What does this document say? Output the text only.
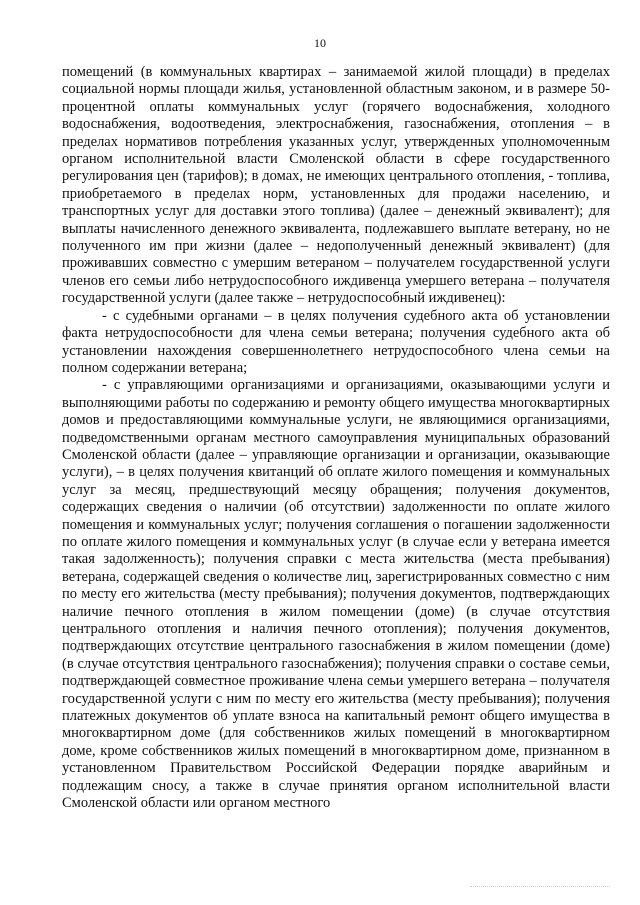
10

помещений (в коммунальных квартирах – занимаемой жилой площади) в пределах социальной нормы площади жилья, установленной областным законом, и в размере 50-процентной оплаты коммунальных услуг (горячего водоснабжения, холодного водоснабжения, водоотведения, электроснабжения, газоснабжения, отопления – в пределах нормативов потребления указанных услуг, утвержденных уполномоченным органом исполнительной власти Смоленской области в сфере государственного регулирования цен (тарифов); в домах, не имеющих центрального отопления, - топлива, приобретаемого в пределах норм, установленных для продажи населению, и транспортных услуг для доставки этого топлива) (далее – денежный эквивалент); для выплаты начисленного денежного эквивалента, подлежавшего выплате ветерану, но не полученного им при жизни (далее – недополученный денежный эквивалент) (для проживавших совместно с умершим ветераном – получателем государственной услуги членов его семьи либо нетрудоспособного иждивенца умершего ветерана – получателя государственной услуги (далее также – нетрудоспособный иждивенец):

- с судебными органами – в целях получения судебного акта об установлении факта нетрудоспособности для члена семьи ветерана; получения судебного акта об установлении нахождения совершеннолетнего нетрудоспособного члена семьи на полном содержании ветерана;

- с управляющими организациями и организациями, оказывающими услуги и выполняющими работы по содержанию и ремонту общего имущества многоквартирных домов и предоставляющими коммунальные услуги, не являющимися организациями, подведомственными органам местного самоуправления муниципальных образований Смоленской области (далее – управляющие организации и организации, оказывающие услуги), – в целях получения квитанций об оплате жилого помещения и коммунальных услуг за месяц, предшествующий месяцу обращения; получения документов, содержащих сведения о наличии (об отсутствии) задолженности по оплате жилого помещения и коммунальных услуг; получения соглашения о погашении задолженности по оплате жилого помещения и коммунальных услуг (в случае если у ветерана имеется такая задолженность); получения справки с места жительства (места пребывания) ветерана, содержащей сведения о количестве лиц, зарегистрированных совместно с ним по месту его жительства (месту пребывания); получения документов, подтверждающих наличие печного отопления в жилом помещении (доме) (в случае отсутствия центрального отопления и наличия печного отопления); получения документов, подтверждающих отсутствие центрального газоснабжения в жилом помещении (доме) (в случае отсутствия центрального газоснабжения); получения справки о составе семьи, подтверждающей совместное проживание члена семьи умершего ветерана – получателя государственной услуги с ним по месту его жительства (месту пребывания); получения платежных документов об уплате взноса на капитальный ремонт общего имущества в многоквартирном доме (для собственников жилых помещений в многоквартирном доме, кроме собственников жилых помещений в многоквартирном доме, признанном в установленном Правительством Российской Федерации порядке аварийным и подлежащим сносу, а также в случае принятия органом исполнительной власти Смоленской области или органом местного
